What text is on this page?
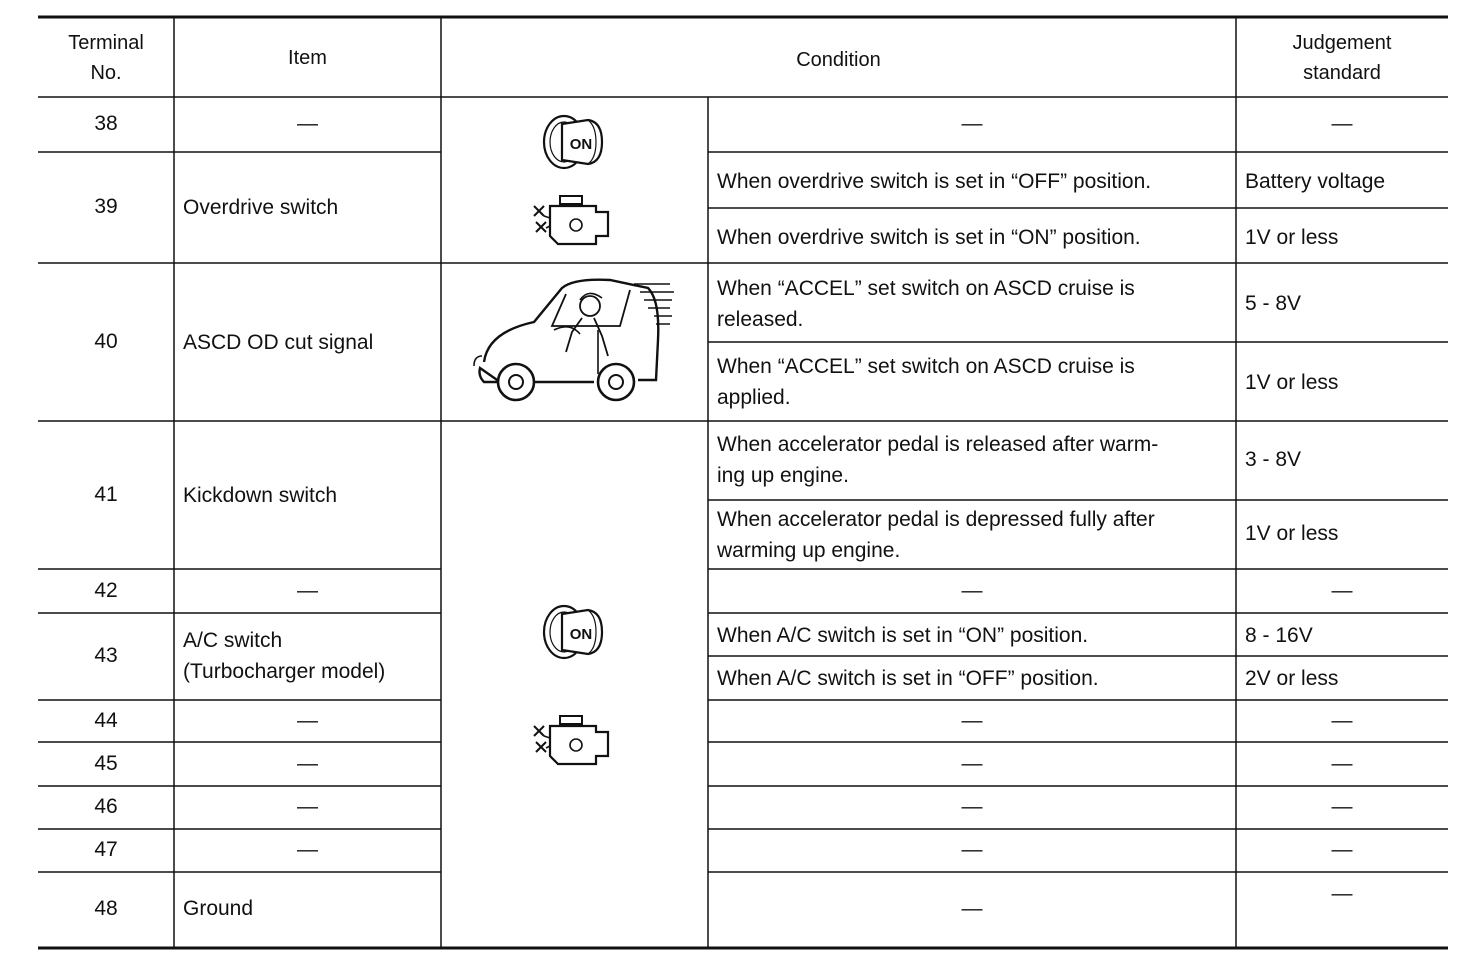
Terminal
No.
Item	Condition
Judgement
standard
38
39
40
41
42
43
44
45
46
47
48
—
Overdrive switch
ASCD OD cut signal
Kickdown switch
—
A/C switch
(Turbocharger model)
—
—
—
—
Ground
—
When overdrive switch is set in “OFF” position.
When overdrive switch is set in “ON” position.
When “ACCEL” set switch on ASCD cruise is
released.
When “ACCEL” set switch on ASCD cruise is
applied.
When accelerator pedal is released after warm-
ing up engine.
When accelerator pedal is depressed fully after
warming up engine.
—
When A/C switch is set in “ON” position.
When A/C switch is set in “OFF” position.
—
—
—
—
—
—
Battery voltage
1V or less
5 - 8V
1V or less
3 - 8V
1V or less
—
8 - 16V
2V or less
—
—
—
—
—
ON
ON
